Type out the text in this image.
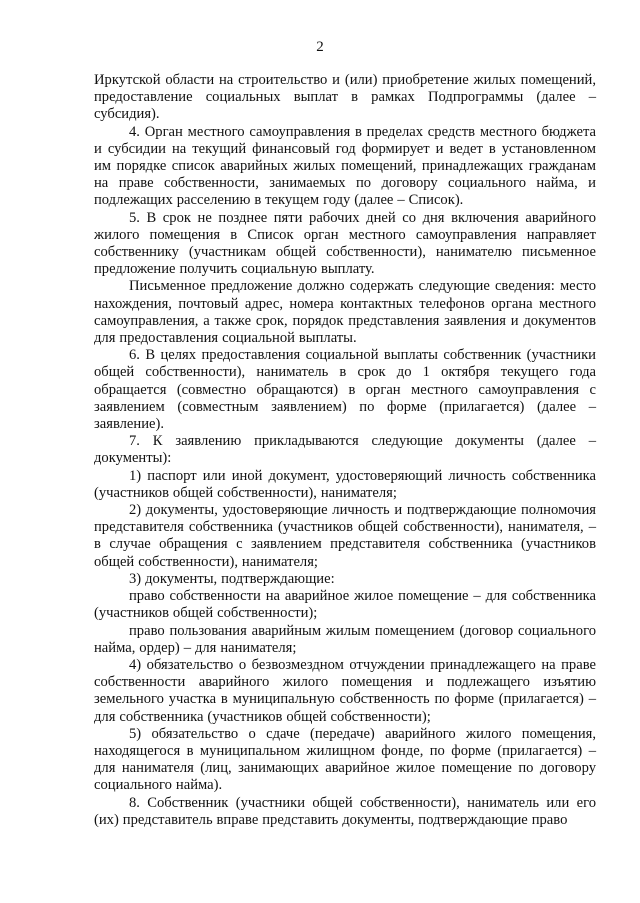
2

Иркутской области на строительство и (или) приобретение жилых помещений, предоставление социальных выплат в рамках Подпрограммы (далее – субсидия).

4. Орган местного самоуправления в пределах средств местного бюджета и субсидии на текущий финансовый год формирует и ведет в установленном им порядке список аварийных жилых помещений, принадлежащих гражданам на праве собственности, занимаемых по договору социального найма, и подлежащих расселению в текущем году (далее – Список).

5. В срок не позднее пяти рабочих дней со дня включения аварийного жилого помещения в Список орган местного самоуправления направляет собственнику (участникам общей собственности), нанимателю письменное предложение получить социальную выплату.

Письменное предложение должно содержать следующие сведения: место нахождения, почтовый адрес, номера контактных телефонов органа местного самоуправления, а также срок, порядок представления заявления и документов для предоставления социальной выплаты.

6. В целях предоставления социальной выплаты собственник (участники общей собственности), наниматель в срок до 1 октября текущего года обращается (совместно обращаются) в орган местного самоуправления с заявлением (совместным заявлением) по форме (прилагается) (далее – заявление).

7. К заявлению прикладываются следующие документы (далее – документы):

1) паспорт или иной документ, удостоверяющий личность собственника (участников общей собственности), нанимателя;

2) документы, удостоверяющие личность и подтверждающие полномочия представителя собственника (участников общей собственности), нанимателя, – в случае обращения с заявлением представителя собственника (участников общей собственности), нанимателя;

3) документы, подтверждающие:

право собственности на аварийное жилое помещение – для собственника (участников общей собственности);

право пользования аварийным жилым помещением (договор социального найма, ордер) – для нанимателя;

4) обязательство о безвозмездном отчуждении принадлежащего на праве собственности аварийного жилого помещения и подлежащего изъятию земельного участка в муниципальную собственность по форме (прилагается) – для собственника (участников общей собственности);

5) обязательство о сдаче (передаче) аварийного жилого помещения, находящегося в муниципальном жилищном фонде, по форме (прилагается) – для нанимателя (лиц, занимающих аварийное жилое помещение по договору социального найма).

8. Собственник (участники общей собственности), наниматель или его (их) представитель вправе представить документы, подтверждающие право
